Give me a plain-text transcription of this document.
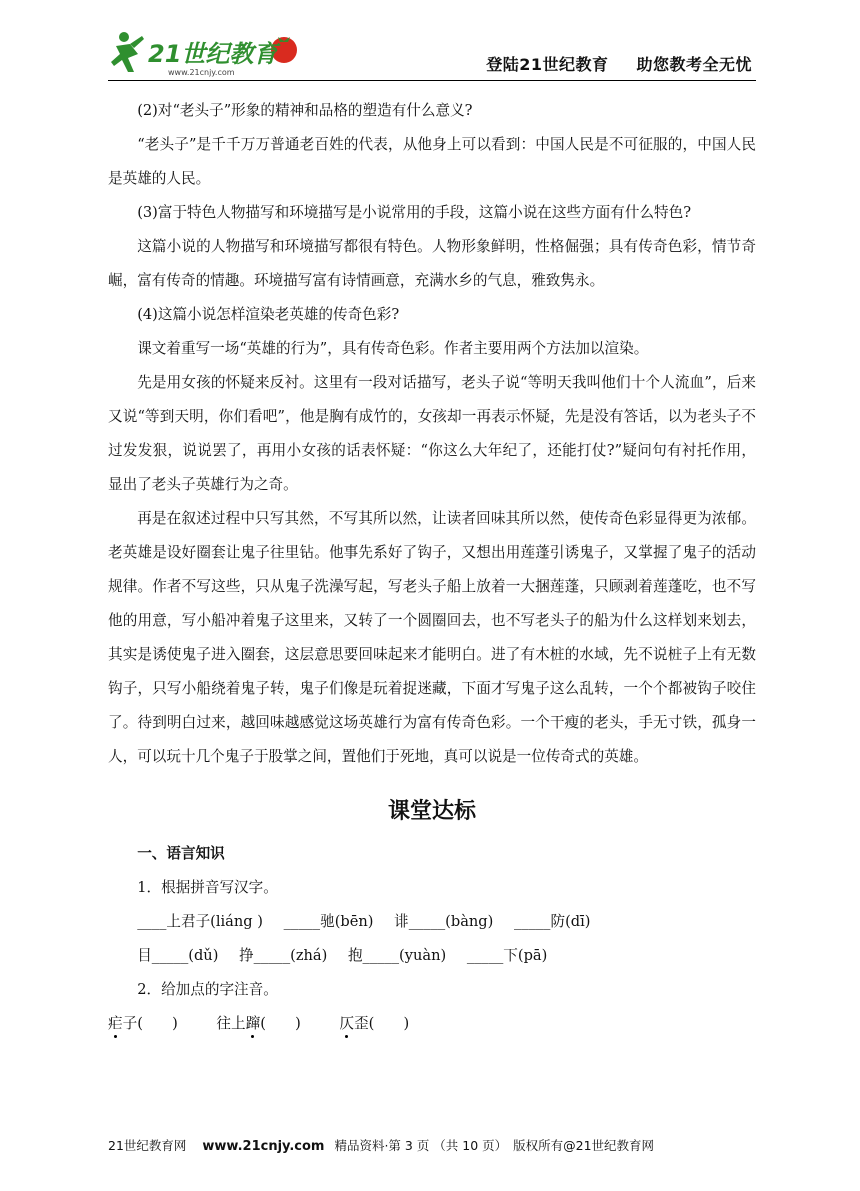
21世纪教育
www.21cnjy.com	登陆21世纪教育 助您教考全无忧

(2)对“老头子”形象的精神和品格的塑造有什么意义?

“老头子”是千千万万普通老百姓的代表，从他身上可以看到：中国人民是不可征服的，中国人民是英雄的人民。

(3)富于特色人物描写和环境描写是小说常用的手段，这篇小说在这些方面有什么特色?

这篇小说的人物描写和环境描写都很有特色。人物形象鲜明，性格倔强；具有传奇色彩，情节奇崛，富有传奇的情趣。环境描写富有诗情画意，充满水乡的气息，雅致隽永。

(4)这篇小说怎样渲染老英雄的传奇色彩?

课文着重写一场“英雄的行为”，具有传奇色彩。作者主要用两个方法加以渲染。

先是用女孩的怀疑来反衬。这里有一段对话描写，老头子说“等明天我叫他们十个人流血”，后来又说“等到天明，你们看吧”，他是胸有成竹的，女孩却一再表示怀疑，先是没有答话，以为老头子不过发发狠，说说罢了，再用小女孩的话表怀疑：“你这么大年纪了，还能打仗?”疑问句有衬托作用，显出了老头子英雄行为之奇。

再是在叙述过程中只写其然，不写其所以然，让读者回味其所以然，使传奇色彩显得更为浓郁。老英雄是设好圈套让鬼子往里钻。他事先系好了钩子，又想出用莲蓬引诱鬼子，又掌握了鬼子的活动规律。作者不写这些，只从鬼子洗澡写起，写老头子船上放着一大捆莲蓬，只顾剥着莲蓬吃，也不写他的用意，写小船冲着鬼子这里来，又转了一个圆圈回去，也不写老头子的船为什么这样划来划去，其实是诱使鬼子进入圈套，这层意思要回味起来才能明白。进了有木桩的水域，先不说桩子上有无数钩子，只写小船绕着鬼子转，鬼子们像是玩着捉迷藏，下面才写鬼子这么乱转，一个个都被钩子咬住了。待到明白过来，越回味越感觉这场英雄行为富有传奇色彩。一个干瘦的老头，手无寸铁，孤身一人，可以玩十几个鬼子于股掌之间，置他们于死地，真可以说是一位传奇式的英雄。

课堂达标

一、语言知识

1．根据拼音写汉字。

____上君子(liáng ) _____驰(bēn) 诽_____(bàng) _____防(dī)

目_____(dǔ) 挣_____(zhá) 抱_____(yuàn) _____下(pā)

2．给加点的字注音。

疟子(　　)	往上蹿(　　)	仄歪(　　)

21世纪教育网 www.21cnjy.com 精品资料·第 3 页 （共 10 页） 版权所有@21世纪教育网
